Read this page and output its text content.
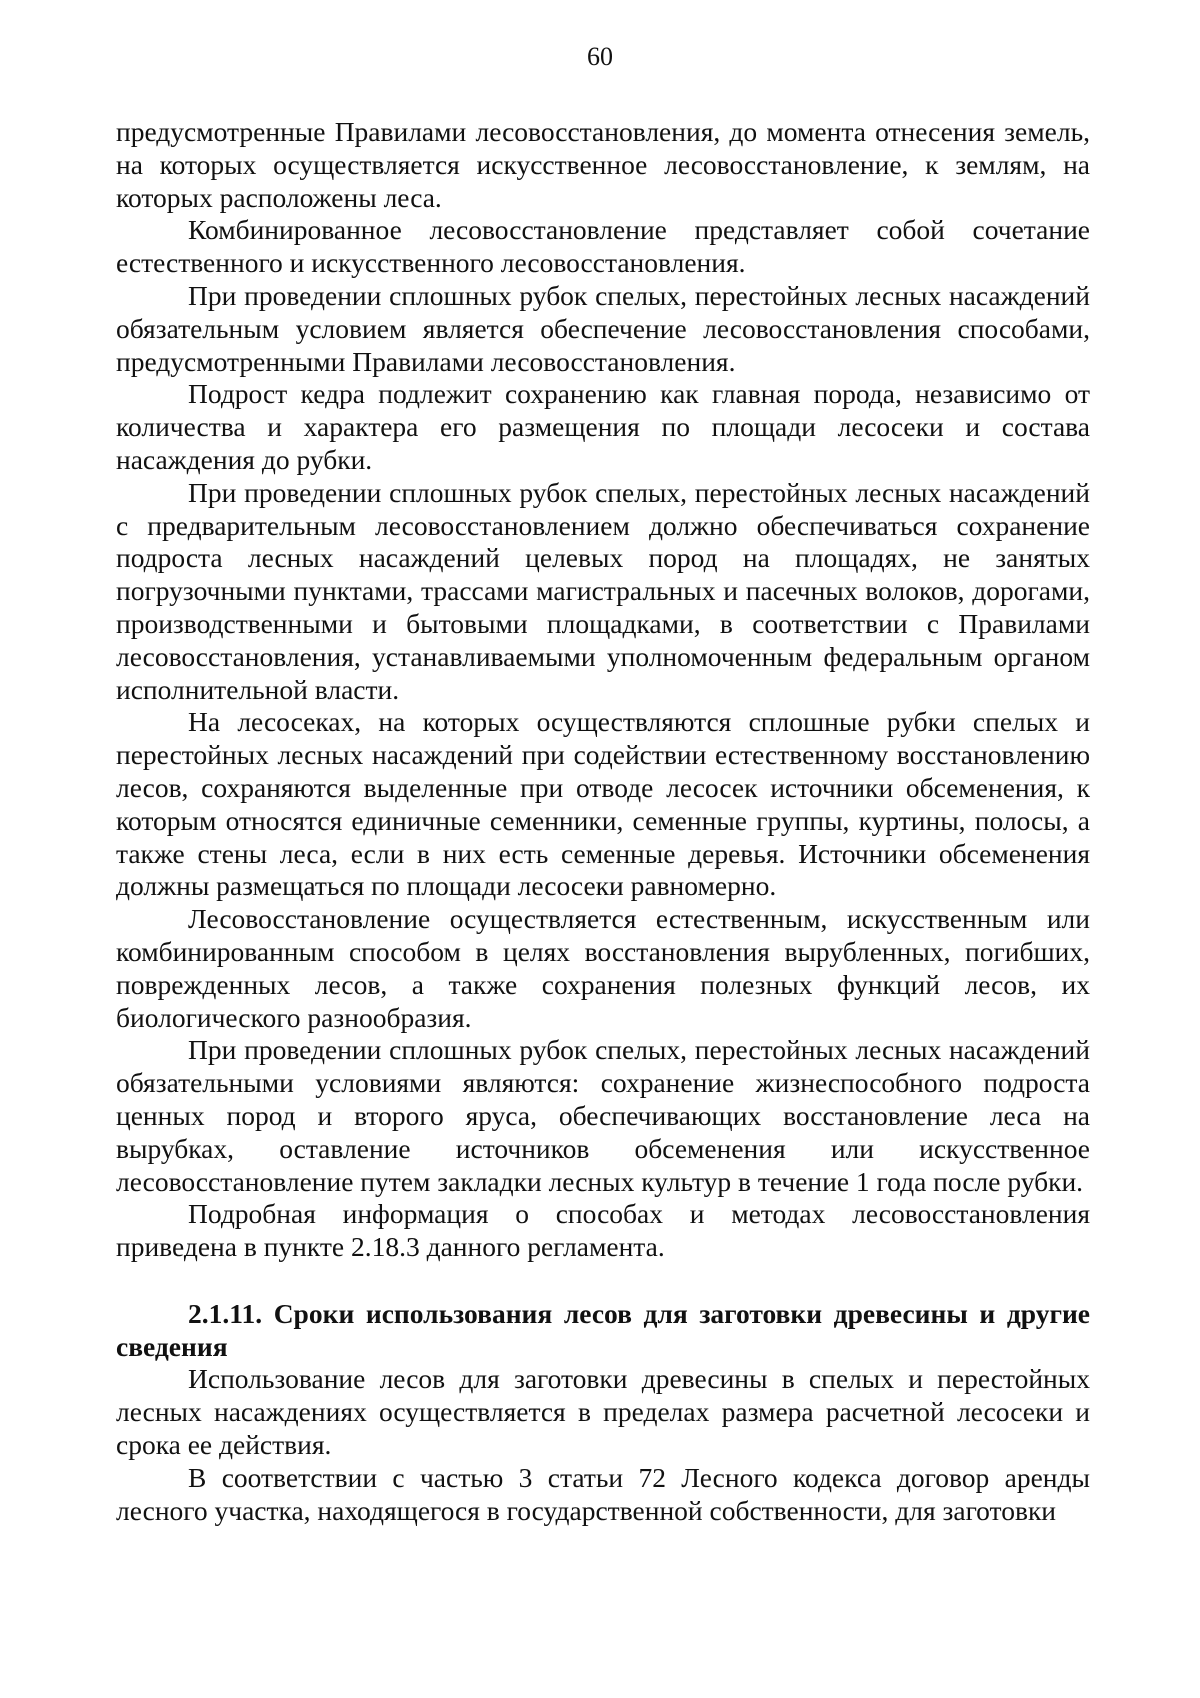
60

предусмотренные Правилами лесовосстановления, до момента отнесения земель, на которых осуществляется искусственное лесовосстановление, к землям, на которых расположены леса.

Комбинированное лесовосстановление представляет собой сочетание естественного и искусственного лесовосстановления.

При проведении сплошных рубок спелых, перестойных лесных насаждений обязательным условием является обеспечение лесовосстановления способами, предусмотренными Правилами лесовосстановления.

Подрост кедра подлежит сохранению как главная порода, независимо от количества и характера его размещения по площади лесосеки и состава насаждения до рубки.

При проведении сплошных рубок спелых, перестойных лесных насаждений с предварительным лесовосстановлением должно обеспечиваться сохранение подроста лесных насаждений целевых пород на площадях, не занятых погрузочными пунктами, трассами магистральных и пасечных волоков, дорогами, производственными и бытовыми площадками, в соответствии с Правилами лесовосстановления, устанавливаемыми уполномоченным федеральным органом исполнительной власти.

На лесосеках, на которых осуществляются сплошные рубки спелых и перестойных лесных насаждений при содействии естественному восстановлению лесов, сохраняются выделенные при отводе лесосек источники обсеменения, к которым относятся единичные семенники, семенные группы, куртины, полосы, а также стены леса, если в них есть семенные деревья. Источники обсеменения должны размещаться по площади лесосеки равномерно.

Лесовосстановление осуществляется естественным, искусственным или комбинированным способом в целях восстановления вырубленных, погибших, поврежденных лесов, а также сохранения полезных функций лесов, их биологического разнообразия.

При проведении сплошных рубок спелых, перестойных лесных насаждений обязательными условиями являются: сохранение жизнеспособного подроста ценных пород и второго яруса, обеспечивающих восстановление леса на вырубках, оставление источников обсеменения или искусственное лесовосстановление путем закладки лесных культур в течение 1 года после рубки.

Подробная информация о способах и методах лесовосстановления приведена в пункте 2.18.3 данного регламента.

2.1.11. Сроки использования лесов для заготовки древесины и другие сведения

Использование лесов для заготовки древесины в спелых и перестойных лесных насаждениях осуществляется в пределах размера расчетной лесосеки и срока ее действия.

В соответствии с частью 3 статьи 72 Лесного кодекса договор аренды лесного участка, находящегося в государственной собственности, для заготовки
